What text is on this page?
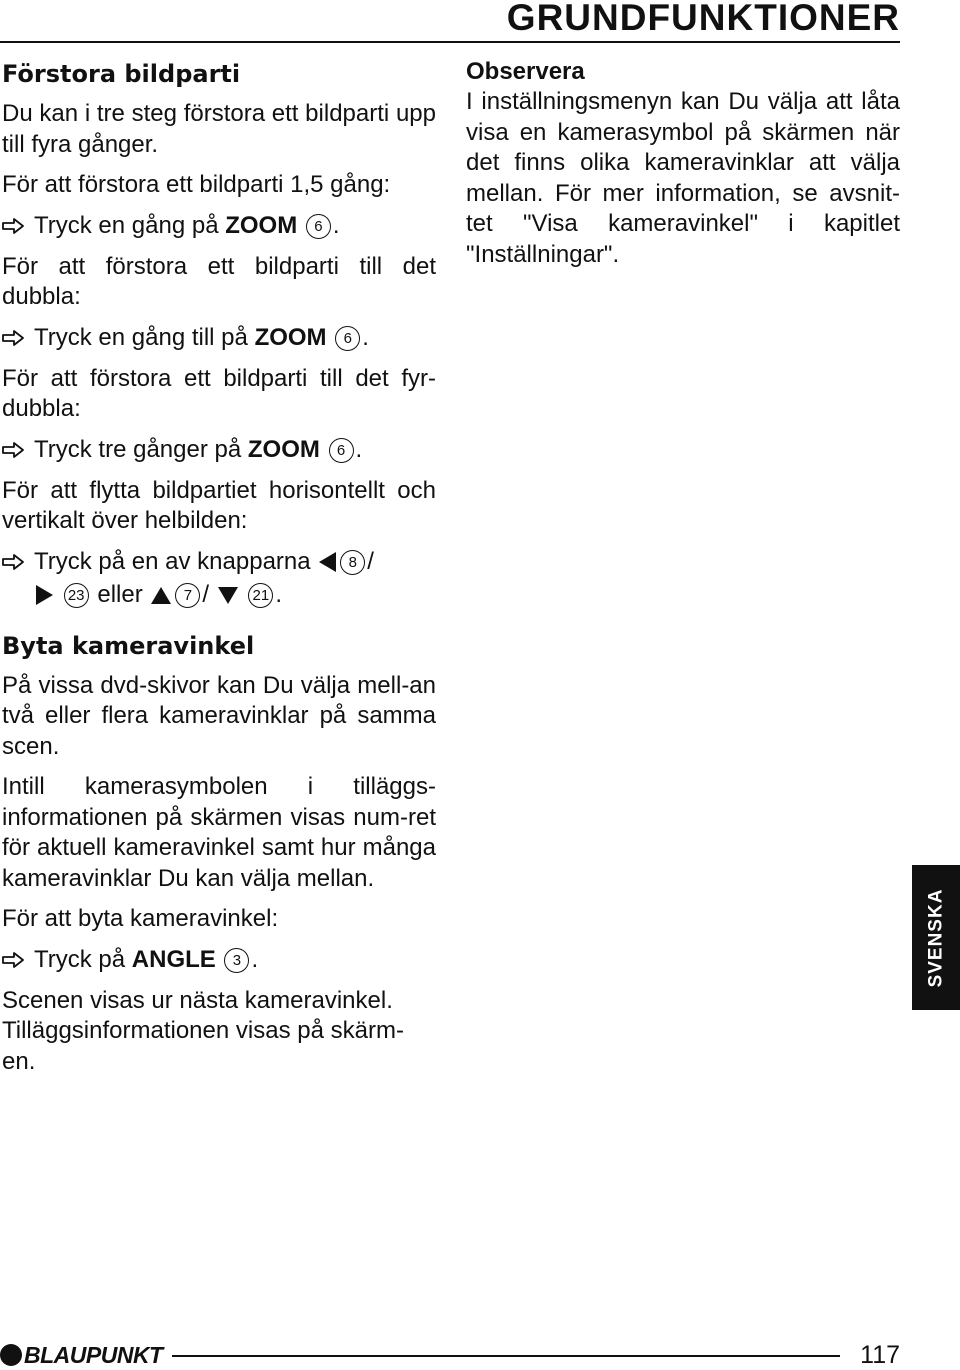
GRUNDFUNKTIONER
Förstora bildparti

Du kan i tre steg förstora ett bildparti upp till fyra gånger.

För att förstora ett bildparti 1,5 gång:

Tryck en gång på ZOOM 6 .

För att förstora ett bildparti till det dubbla:

Tryck en gång till på ZOOM 6 .

För att förstora ett bildparti till det fyr-dubbla:

Tryck tre gånger på ZOOM 6 .

För att flytta bildpartiet horisontellt och vertikalt över helbilden:

Tryck på en av knapparna	8 /
23 eller	7 /  21 .
Byta kameravinkel

På vissa dvd-skivor kan Du välja mell-an två eller flera kameravinklar på samma scen.

Intill kamerasymbolen i tilläggs-informationen på skärmen visas num-ret för aktuell kameravinkel samt hur många kameravinklar Du kan välja mellan.

För att byta kameravinkel:

Tryck på ANGLE 3 .

Scenen visas ur nästa kameravinkel. Tilläggsinformationen visas på skärm-en.

Observera
I inställningsmenyn kan Du välja att låta visa en kamerasymbol på skärmen när det finns olika kameravinklar att välja mellan. För mer information, se avsnit-tet "Visa kameravinkel" i kapitlet "Inställningar".
SVENSKA
BLAUPUNKT	117
